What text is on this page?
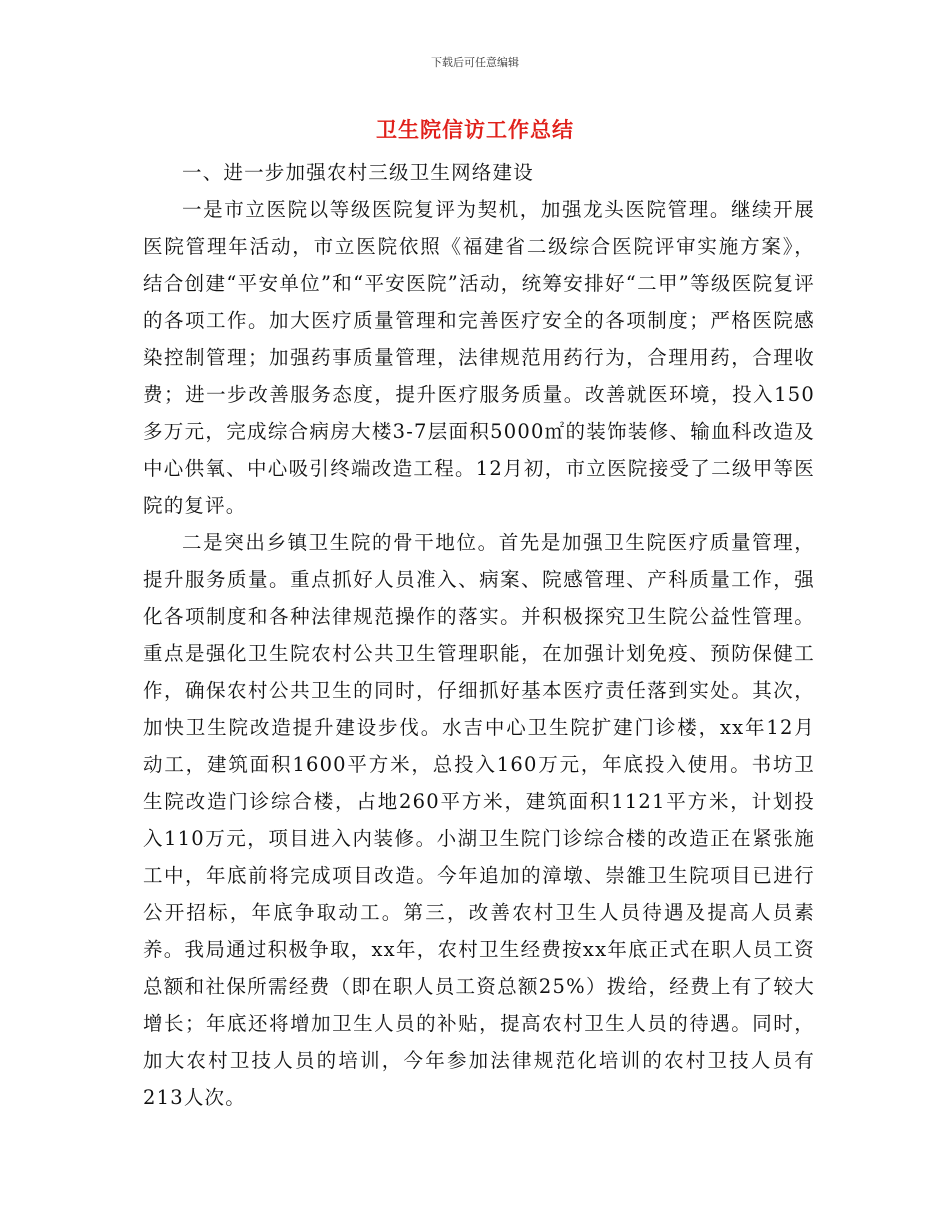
下载后可任意编辑
卫生院信访工作总结

一、进一步加强农村三级卫生网络建设

一是市立医院以等级医院复评为契机，加强龙头医院管理。继续开展医院管理年活动，市立医院依照《福建省二级综合医院评审实施方案》，结合创建“平安单位”和“平安医院”活动，统筹安排好“二甲”等级医院复评的各项工作。加大医疗质量管理和完善医疗安全的各项制度；严格医院感染控制管理；加强药事质量管理，法律规范用药行为，合理用药，合理收费；进一步改善服务态度，提升医疗服务质量。改善就医环境，投入150多万元，完成综合病房大楼3-7层面积5000㎡的装饰装修、输血科改造及中心供氧、中心吸引终端改造工程。12月初，市立医院接受了二级甲等医院的复评。

二是突出乡镇卫生院的骨干地位。首先是加强卫生院医疗质量管理，提升服务质量。重点抓好人员准入、病案、院感管理、产科质量工作，强化各项制度和各种法律规范操作的落实。并积极探究卫生院公益性管理。重点是强化卫生院农村公共卫生管理职能，在加强计划免疫、预防保健工作，确保农村公共卫生的同时，仔细抓好基本医疗责任落到实处。其次，加快卫生院改造提升建设步伐。水吉中心卫生院扩建门诊楼，xx年12月动工，建筑面积1600平方米，总投入160万元，年底投入使用。书坊卫生院改造门诊综合楼，占地260平方米，建筑面积1121平方米，计划投入110万元，项目进入内装修。小湖卫生院门诊综合楼的改造正在紧张施工中，年底前将完成项目改造。今年追加的漳墩、崇雒卫生院项目已进行公开招标，年底争取动工。第三，改善农村卫生人员待遇及提高人员素养。我局通过积极争取，xx年，农村卫生经费按xx年底正式在职人员工资总额和社保所需经费（即在职人员工资总额25%）拨给，经费上有了较大增长；年底还将增加卫生人员的补贴，提高农村卫生人员的待遇。同时，加大农村卫技人员的培训，今年参加法律规范化培训的农村卫技人员有213人次。
